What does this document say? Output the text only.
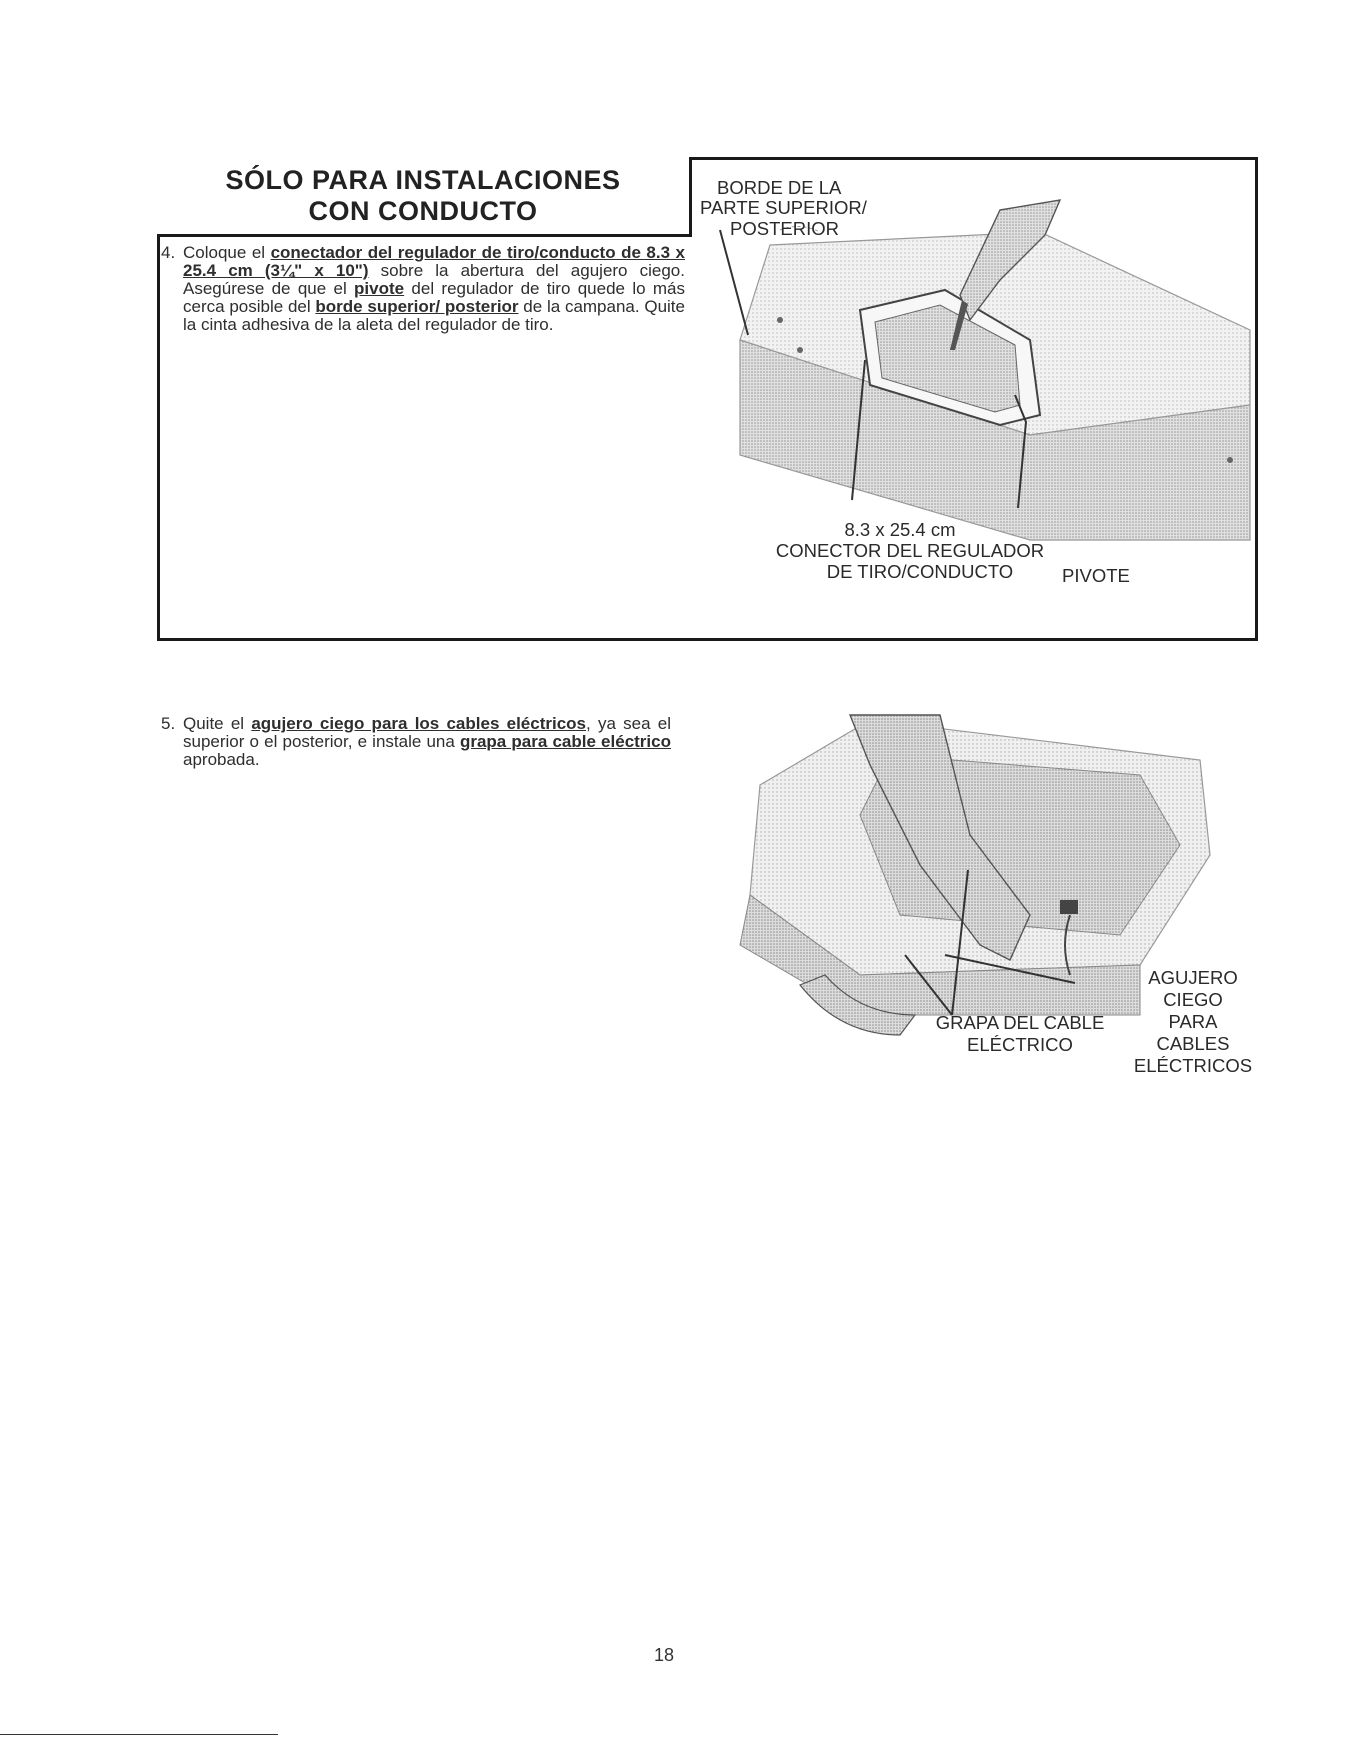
SÓLO PARA INSTALACIONES
CON CONDUCTO
4. Coloque el conectador del regulador de tiro/conducto de 8.3 x 25.4 cm (3¼" x 10") sobre la abertura del agujero ciego. Asegúrese de que el pivote del regulador de tiro quede lo más cerca posible del borde superior/ posterior de la campana. Quite la cinta adhesiva de la aleta del regulador de tiro.
BORDE DE LA
PARTE SUPERIOR/
POSTERIOR
8.3 x 25.4 cm
CONECTOR DEL REGULADOR
DE TIRO/CONDUCTO	PIVOTE
5. Quite el agujero ciego para los cables eléctricos, ya sea el superior o el posterior, e instale una grapa para cable eléctrico aprobada.
GRAPA DEL CABLE
ELÉCTRICO
AGUJERO
CIEGO
PARA
CABLES
ELÉCTRICOS
18
